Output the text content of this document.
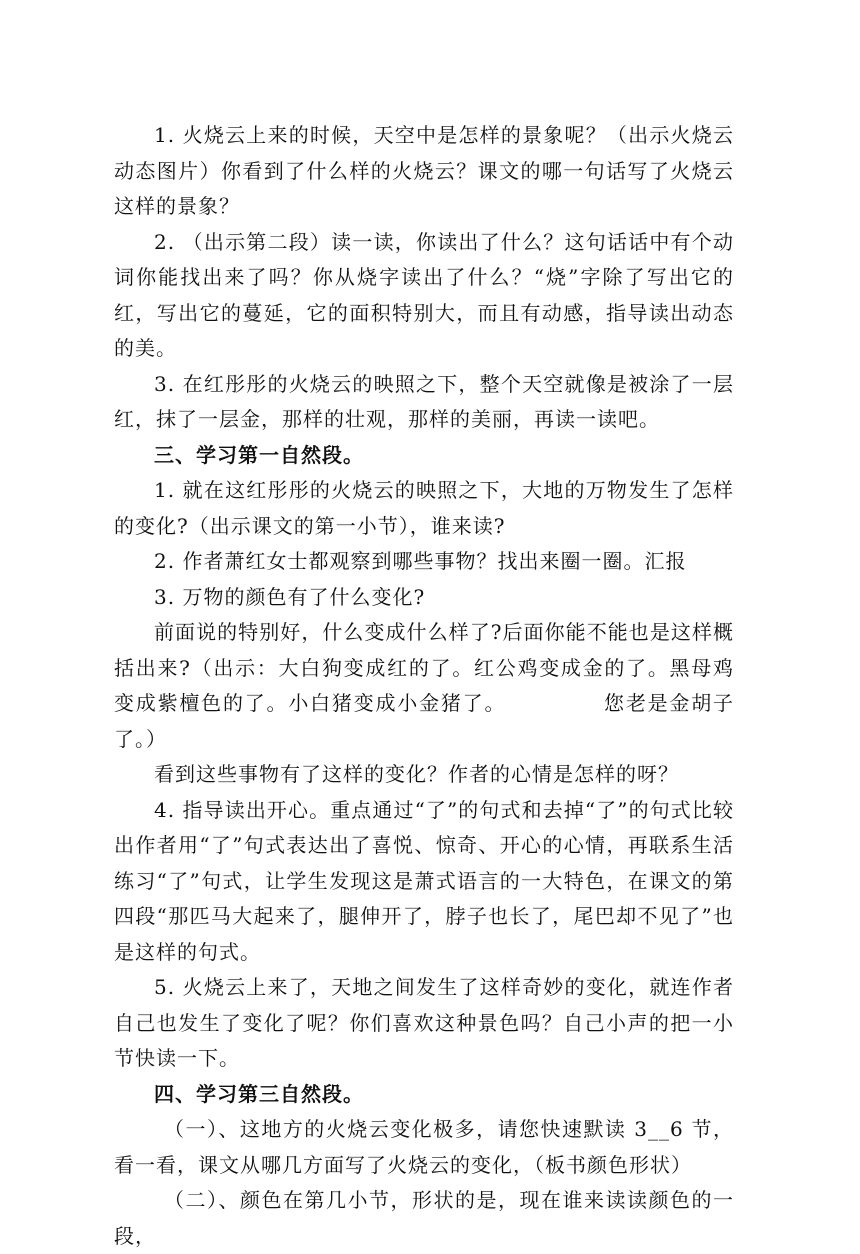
1. 火烧云上来的时候，天空中是怎样的景象呢？（出示火烧云动态图片）你看到了什么样的火烧云？课文的哪一句话写了火烧云这样的景象？

2. （出示第二段）读一读，你读出了什么？这句话话中有个动词你能找出来了吗？你从烧字读出了什么？“烧”字除了写出它的红，写出它的蔓延，它的面积特别大，而且有动感，指导读出动态的美。

3. 在红彤彤的火烧云的映照之下，整个天空就像是被涂了一层红，抹了一层金，那样的壮观，那样的美丽，再读一读吧。

三、学习第一自然段。

1. 就在这红彤彤的火烧云的映照之下，大地的万物发生了怎样的变化?（出示课文的第一小节），谁来读?

2. 作者萧红女士都观察到哪些事物？找出来圈一圈。汇报

3. 万物的颜色有了什么变化?

前面说的特别好，什么变成什么样了?后面你能不能也是这样概括出来?（出示：大白狗变成红的了。红公鸡变成金的了。黑母鸡变成紫檀色的了。小白猪变成小金猪了。            您老是金胡子了。）

看到这些事物有了这样的变化？作者的心情是怎样的呀？

4. 指导读出开心。重点通过“了”的句式和去掉“了”的句式比较出作者用“了”句式表达出了喜悦、惊奇、开心的心情，再联系生活练习“了”句式，让学生发现这是萧式语言的一大特色，在课文的第四段“那匹马大起来了，腿伸开了，脖子也长了，尾巴却不见了”也是这样的句式。

5. 火烧云上来了，天地之间发生了这样奇妙的变化，就连作者自己也发生了变化了呢？你们喜欢这种景色吗？自己小声的把一小节快读一下。

四、学习第三自然段。

（一）、这地方的火烧云变化极多，请您快速默读 3__6 节，看一看，课文从哪几方面写了火烧云的变化，（板书颜色形状）

（二）、颜色在第几小节，形状的是，现在谁来读读颜色的一段，
